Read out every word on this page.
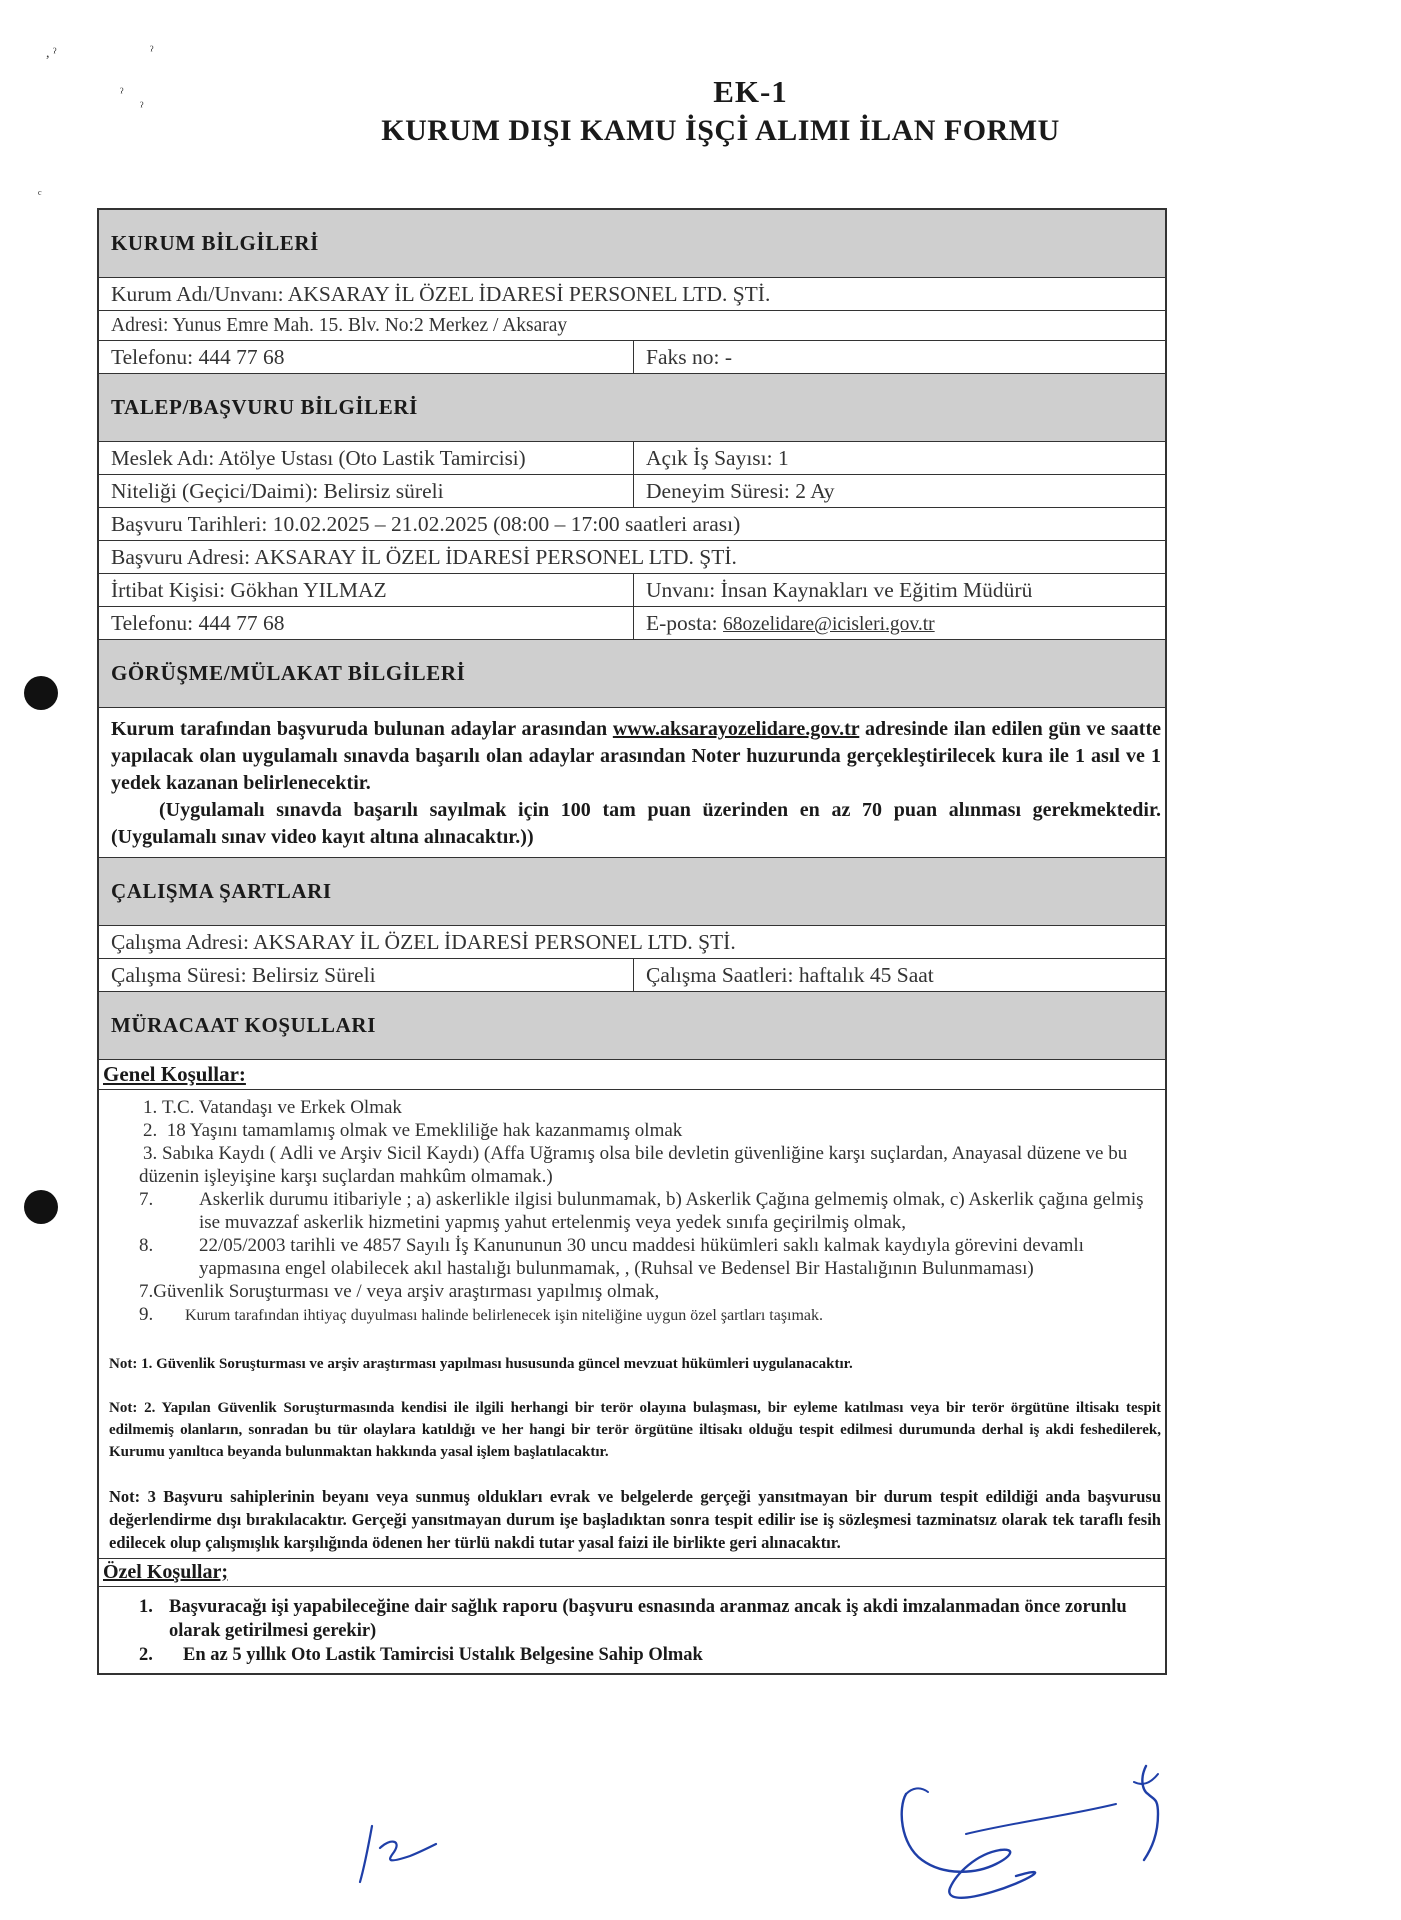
, ˀ	ˀ
ˀ
ˀ
ᶜ
EK-1
KURUM DIŞI KAMU İŞÇİ ALIMI İLAN FORMU
KURUM BİLGİLERİ
Kurum Adı/Unvanı: AKSARAY İL ÖZEL İDARESİ PERSONEL LTD. ŞTİ.
Adresi: Yunus Emre Mah. 15. Blv. No:2 Merkez / Aksaray
Telefonu: 444 77 68	Faks no: -
TALEP/BAŞVURU BİLGİLERİ
Meslek Adı: Atölye Ustası (Oto Lastik Tamircisi)	Açık İş Sayısı: 1
Niteliği (Geçici/Daimi): Belirsiz süreli	Deneyim Süresi: 2 Ay
Başvuru Tarihleri: 10.02.2025 – 21.02.2025 (08:00 – 17:00 saatleri arası)
Başvuru Adresi: AKSARAY İL ÖZEL İDARESİ PERSONEL LTD. ŞTİ.
İrtibat Kişisi: Gökhan YILMAZ	Unvanı: İnsan Kaynakları ve Eğitim Müdürü
Telefonu: 444 77 68	E-posta: 68ozelidare@icisleri.gov.tr
GÖRÜŞME/MÜLAKAT BİLGİLERİ

Kurum tarafından başvuruda bulunan adaylar arasından www.aksarayozelidare.gov.tr adresinde ilan edilen gün ve saatte yapılacak olan uygulamalı sınavda başarılı olan adaylar arasından Noter huzurunda gerçekleştirilecek kura ile 1 asıl ve 1 yedek kazanan belirlenecektir.

(Uygulamalı sınavda başarılı sayılmak için 100 tam puan üzerinden en az 70 puan alınması gerekmektedir. (Uygulamalı sınav video kayıt altına alınacaktır.))

ÇALIŞMA ŞARTLARI
Çalışma Adresi: AKSARAY İL ÖZEL İDARESİ PERSONEL LTD. ŞTİ.
Çalışma Süresi: Belirsiz Süreli	Çalışma Saatleri: haftalık 45 Saat
MÜRACAAT KOŞULLARI
Genel Koşullar:
1.
T.C. Vatandaşı ve Erkek Olmak
2.
18 Yaşını tamamlamış olmak ve Emekliliğe hak kazanmamış olmak
3. Sabıka Kaydı ( Adli ve Arşiv Sicil Kaydı) (Affa Uğramış olsa bile devletin güvenliğine karşı suçlardan, Anayasal düzene ve bu düzenin işleyişine karşı suçlardan mahkûm olmamak.)
7.	Askerlik durumu itibariyle ; a) askerlikle ilgisi bulunmamak, b) Askerlik Çağına gelmemiş olmak, c) Askerlik çağına gelmiş ise muvazzaf askerlik hizmetini yapmış yahut ertelenmiş veya yedek sınıfa geçirilmiş olmak,
8.	22/05/2003 tarihli ve 4857 Sayılı İş Kanununun 30 uncu maddesi hükümleri saklı kalmak kaydıyla görevini devamlı yapmasına engel olabilecek akıl hastalığı bulunmamak, , (Ruhsal ve Bedensel Bir Hastalığının Bulunmaması)
7. Güvenlik Soruşturması ve / veya arşiv araştırması yapılmış olmak,
9.	Kurum tarafından ihtiyaç duyulması halinde belirlenecek işin niteliğine uygun özel şartları taşımak.

Not: 1. Güvenlik Soruşturması ve arşiv araştırması yapılması hususunda güncel mevzuat hükümleri uygulanacaktır.

Not: 2. Yapılan Güvenlik Soruşturmasında kendisi ile ilgili herhangi bir terör olayına bulaşması, bir eyleme katılması veya bir terör örgütüne iltisakı tespit edilmemiş olanların, sonradan bu tür olaylara katıldığı ve her hangi bir terör örgütüne iltisakı olduğu tespit edilmesi durumunda derhal iş akdi feshedilerek, Kurumu yanıltıca beyanda bulunmaktan hakkında yasal işlem başlatılacaktır.

Not: 3 Başvuru sahiplerinin beyanı veya sunmuş oldukları evrak ve belgelerde gerçeği yansıtmayan bir durum tespit edildiği anda başvurusu değerlendirme dışı bırakılacaktır. Gerçeği yansıtmayan durum işe başladıktan sonra tespit edilir ise iş sözleşmesi tazminatsız olarak tek taraflı fesih edilecek olup çalışmışlık karşılığında ödenen her türlü nakdi tutar yasal faizi ile birlikte geri alınacaktır.

Özel Koşullar;
1. Başvuracağı işi yapabileceğine dair sağlık raporu (başvuru esnasında aranmaz ancak iş akdi imzalanmadan önce zorunlu olarak getirilmesi gerekir)
2.	En az 5 yıllık Oto Lastik Tamircisi Ustalık Belgesine Sahip Olmak
